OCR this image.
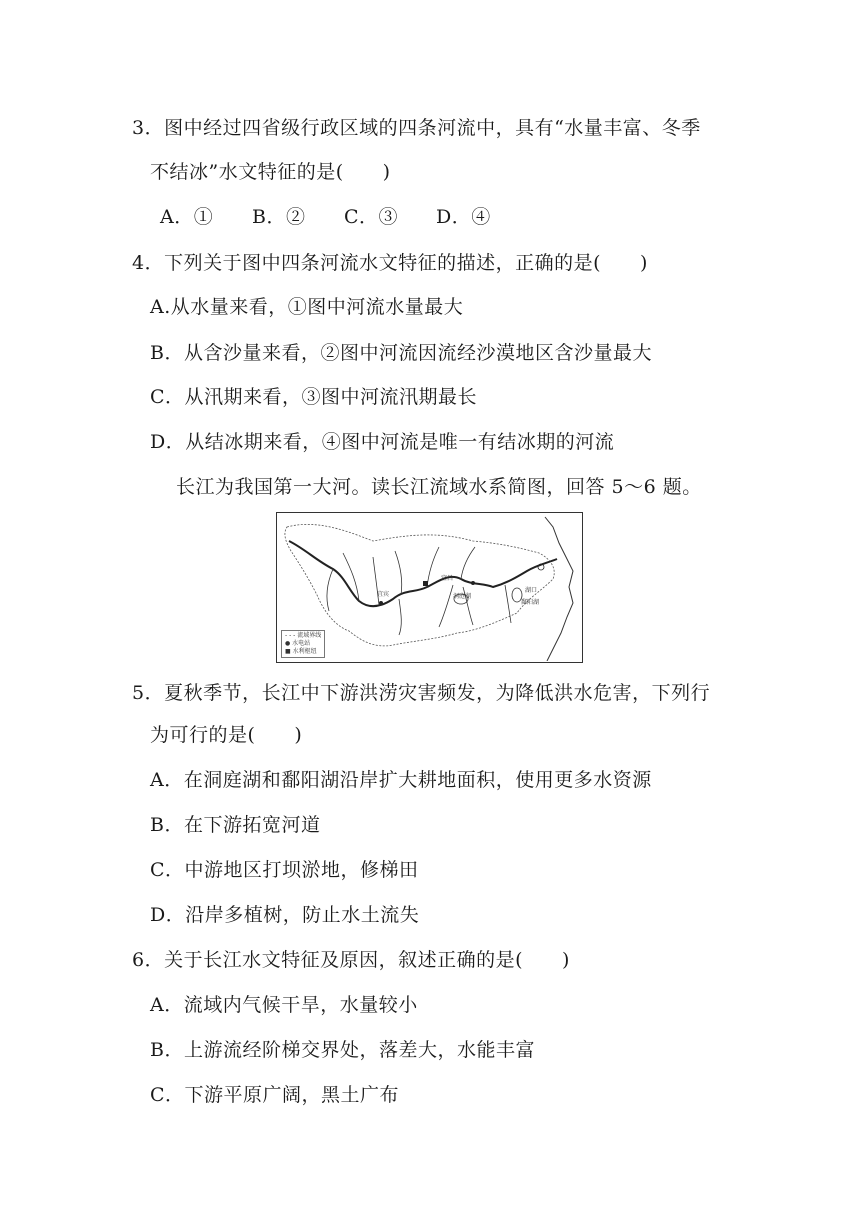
3．图中经过四省级行政区域的四条河流中，具有“水量丰富、冬季
不结冰”水文特征的是(　　)
A．① B．② C．③ D．④
4．下列关于图中四条河流水文特征的描述，正确的是(　　)
A.从水量来看，①图中河流水量最大
B．从含沙量来看，②图中河流因流经沙漠地区含沙量最大
C．从汛期来看，③图中河流汛期最长
D．从结冰期来看，④图中河流是唯一有结冰期的河流
长江为我国第一大河。读长江流域水系简图，回答 5～6 题。
宜宾
宜昌
洞庭湖
鄱阳湖
湖口
- - - 流域界线
● 水电站
■ 水利枢纽
5．夏秋季节，长江中下游洪涝灾害频发，为降低洪水危害，下列行
为可行的是(　　)
A．在洞庭湖和鄱阳湖沿岸扩大耕地面积，使用更多水资源
B．在下游拓宽河道
C．中游地区打坝淤地，修梯田
D．沿岸多植树，防止水土流失
6．关于长江水文特征及原因，叙述正确的是(　　)
A．流域内气候干旱，水量较小
B．上游流经阶梯交界处，落差大，水能丰富
C．下游平原广阔，黑土广布
